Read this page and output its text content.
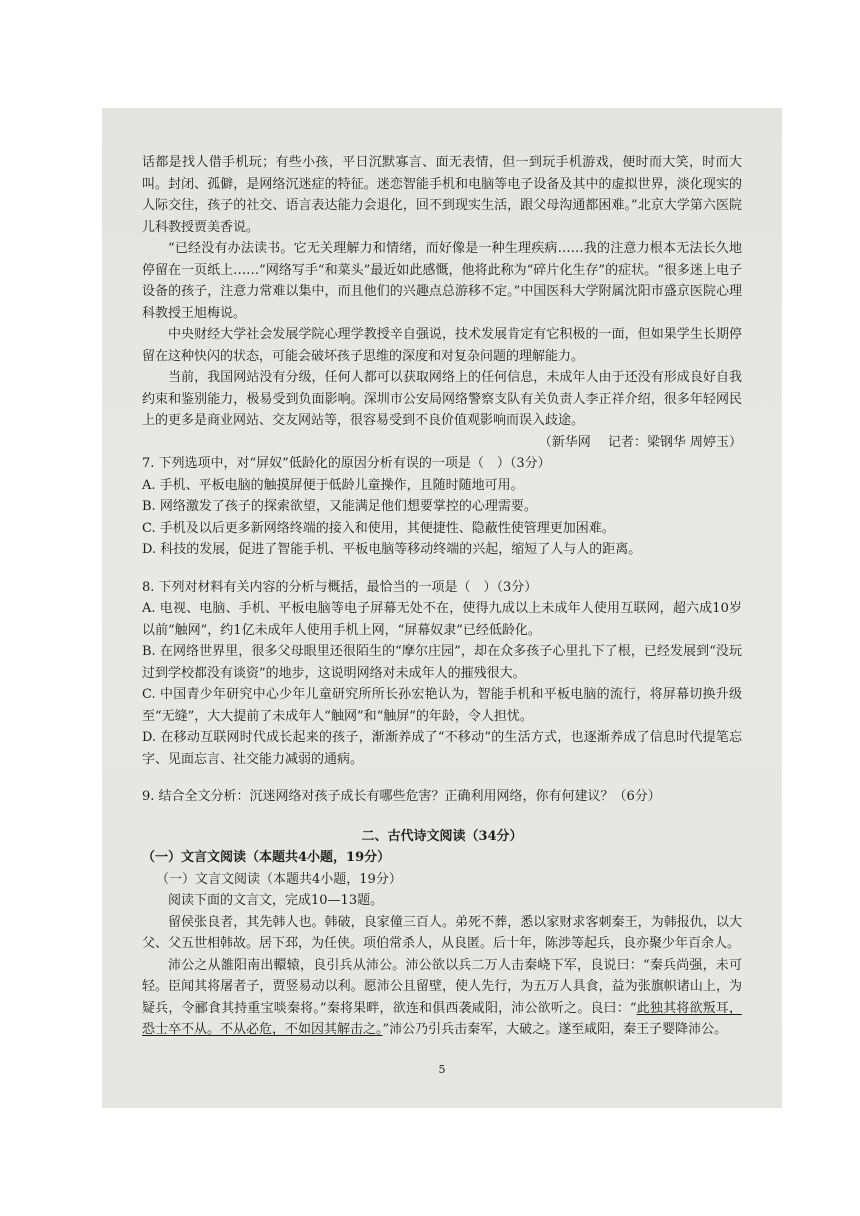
话都是找人借手机玩；有些小孩，平日沉默寡言、面无表情，但一到玩手机游戏，便时而大笑，时而大叫。封闭、孤僻，是网络沉迷症的特征。迷恋智能手机和电脑等电子设备及其中的虚拟世界，淡化现实的人际交往，孩子的社交、语言表达能力会退化，回不到现实生活，跟父母沟通都困难。”北京大学第六医院儿科教授贾美香说。

“已经没有办法读书。它无关理解力和情绪，而好像是一种生理疾病……我的注意力根本无法长久地停留在一页纸上……”网络写手“和菜头”最近如此感慨，他将此称为“碎片化生存”的症状。“很多迷上电子设备的孩子，注意力常难以集中，而且他们的兴趣点总游移不定。”中国医科大学附属沈阳市盛京医院心理科教授王旭梅说。

中央财经大学社会发展学院心理学教授辛自强说，技术发展肯定有它积极的一面，但如果学生长期停留在这种快闪的状态，可能会破坏孩子思维的深度和对复杂问题的理解能力。

当前，我国网站没有分级，任何人都可以获取网络上的任何信息，未成年人由于还没有形成良好自我约束和鉴别能力，极易受到负面影响。深圳市公安局网络警察支队有关负责人李正祥介绍，很多年轻网民上的更多是商业网站、交友网站等，很容易受到不良价值观影响而误入歧途。

（新华网　 记者：梁钢华 周婷玉）

7. 下列选项中，对“屏奴”低龄化的原因分析有误的一项是（　）（3分）

A. 手机、平板电脑的触摸屏便于低龄儿童操作，且随时随地可用。

B. 网络激发了孩子的探索欲望，又能满足他们想要掌控的心理需要。

C. 手机及以后更多新网络终端的接入和使用，其便捷性、隐蔽性使管理更加困难。

D. 科技的发展，促进了智能手机、平板电脑等移动终端的兴起，缩短了人与人的距离。

8. 下列对材料有关内容的分析与概括，最恰当的一项是（　）（3分）

A. 电视、电脑、手机、平板电脑等电子屏幕无处不在，使得九成以上未成年人使用互联网，超六成10岁以前“触网”，约1亿未成年人使用手机上网，“屏幕奴隶”已经低龄化。

B. 在网络世界里，很多父母眼里还很陌生的“摩尔庄园”，却在众多孩子心里扎下了根，已经发展到“没玩过到学校都没有谈资”的地步，这说明网络对未成年人的摧残很大。

C. 中国青少年研究中心少年儿童研究所所长孙宏艳认为，智能手机和平板电脑的流行，将屏幕切换升级至“无缝”，大大提前了未成年人“触网”和“触屏”的年龄，令人担忧。

D. 在移动互联网时代成长起来的孩子，渐渐养成了“不移动”的生活方式，也逐渐养成了信息时代提笔忘字、见面忘言、社交能力减弱的通病。

9. 结合全文分析：沉迷网络对孩子成长有哪些危害？正确利用网络，你有何建议？（6分）

二、古代诗文阅读（34分）

（一）文言文阅读（本题共4小题，19分）

（一）文言文阅读（本题共4小题，19分）

阅读下面的文言文，完成10—13题。

留侯张良者，其先韩人也。韩破，良家僮三百人。弟死不葬，悉以家财求客刺秦王，为韩报仇，以大父、父五世相韩故。居下邳，为任侠。项伯常杀人，从良匿。后十年，陈涉等起兵，良亦聚少年百余人。

沛公之从雒阳南出轘辕，良引兵从沛公。沛公欲以兵二万人击秦峣下军，良说曰：“秦兵尚强，未可轻。臣闻其将屠者子，贾竖易动以利。愿沛公且留壁，使人先行，为五万人具食，益为张旗帜诸山上，为疑兵，令郦食其持重宝啖秦将。”秦将果畔，欲连和俱西袭咸阳，沛公欲听之。良曰：“此独其将欲叛耳，恐士卒不从。不从必危，不如因其解击之。”沛公乃引兵击秦军，大破之。遂至咸阳，秦王子婴降沛公。

5
